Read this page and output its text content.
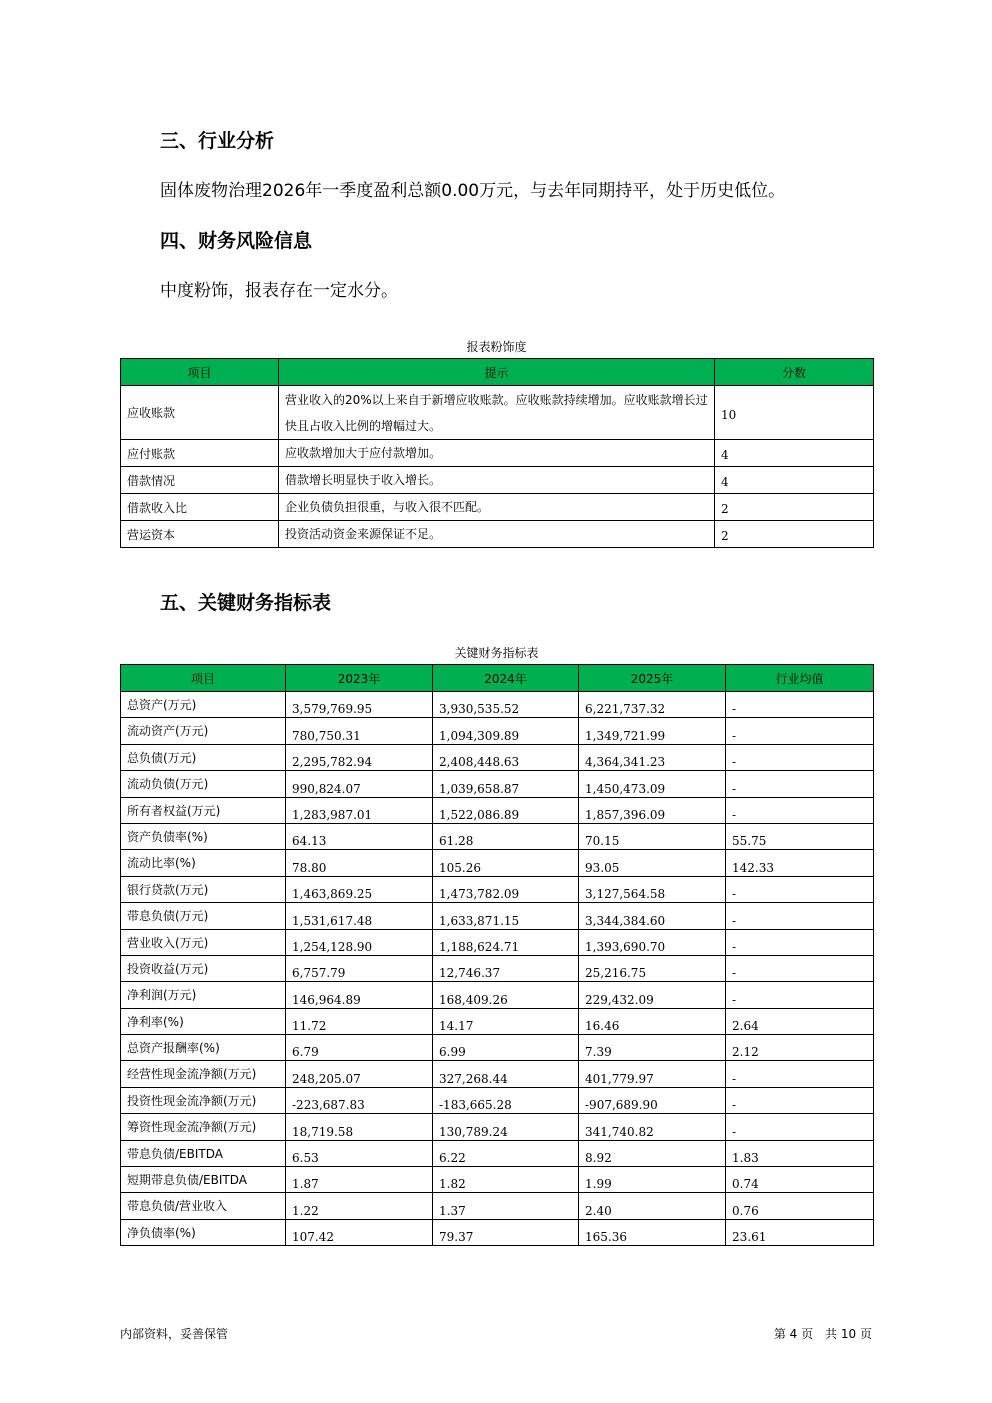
三、行业分析

固体废物治理2026年一季度盈利总额0.00万元，与去年同期持平，处于历史低位。

四、财务风险信息

中度粉饰，报表存在一定水分。

报表粉饰度
项目	提示	分数
应收账款	营业收入的20%以上来自于新增应收账款。应收账款持续增加。应收账款增长过快且占收入比例的增幅过大。	10
应付账款	应收款增加大于应付款增加。	4
借款情况	借款增长明显快于收入增长。	4
借款收入比	企业负债负担很重，与收入很不匹配。	2
营运资本	投资活动资金来源保证不足。	2
五、关键财务指标表
关键财务指标表
项目	2023年	2024年	2025年	行业均值
总资产(万元)	3,579,769.95	3,930,535.52	6,221,737.32	-
流动资产(万元)	780,750.31	1,094,309.89	1,349,721.99	-
总负债(万元)	2,295,782.94	2,408,448.63	4,364,341.23	-
流动负债(万元)	990,824.07	1,039,658.87	1,450,473.09	-
所有者权益(万元)	1,283,987.01	1,522,086.89	1,857,396.09	-
资产负债率(%)	64.13	61.28	70.15	55.75
流动比率(%)	78.80	105.26	93.05	142.33
银行贷款(万元)	1,463,869.25	1,473,782.09	3,127,564.58	-
带息负债(万元)	1,531,617.48	1,633,871.15	3,344,384.60	-
营业收入(万元)	1,254,128.90	1,188,624.71	1,393,690.70	-
投资收益(万元)	6,757.79	12,746.37	25,216.75	-
净利润(万元)	146,964.89	168,409.26	229,432.09	-
净利率(%)	11.72	14.17	16.46	2.64
总资产报酬率(%)	6.79	6.99	7.39	2.12
经营性现金流净额(万元)	248,205.07	327,268.44	401,779.97	-
投资性现金流净额(万元)	-223,687.83	-183,665.28	-907,689.90	-
筹资性现金流净额(万元)	18,719.58	130,789.24	341,740.82	-
带息负债/EBITDA	6.53	6.22	8.92	1.83
短期带息负债/EBITDA	1.87	1.82	1.99	0.74
带息负债/营业收入	1.22	1.37	2.40	0.76
净负债率(%)	107.42	79.37	165.36	23.61
内部资料，妥善保管	第 4 页　共 10 页
